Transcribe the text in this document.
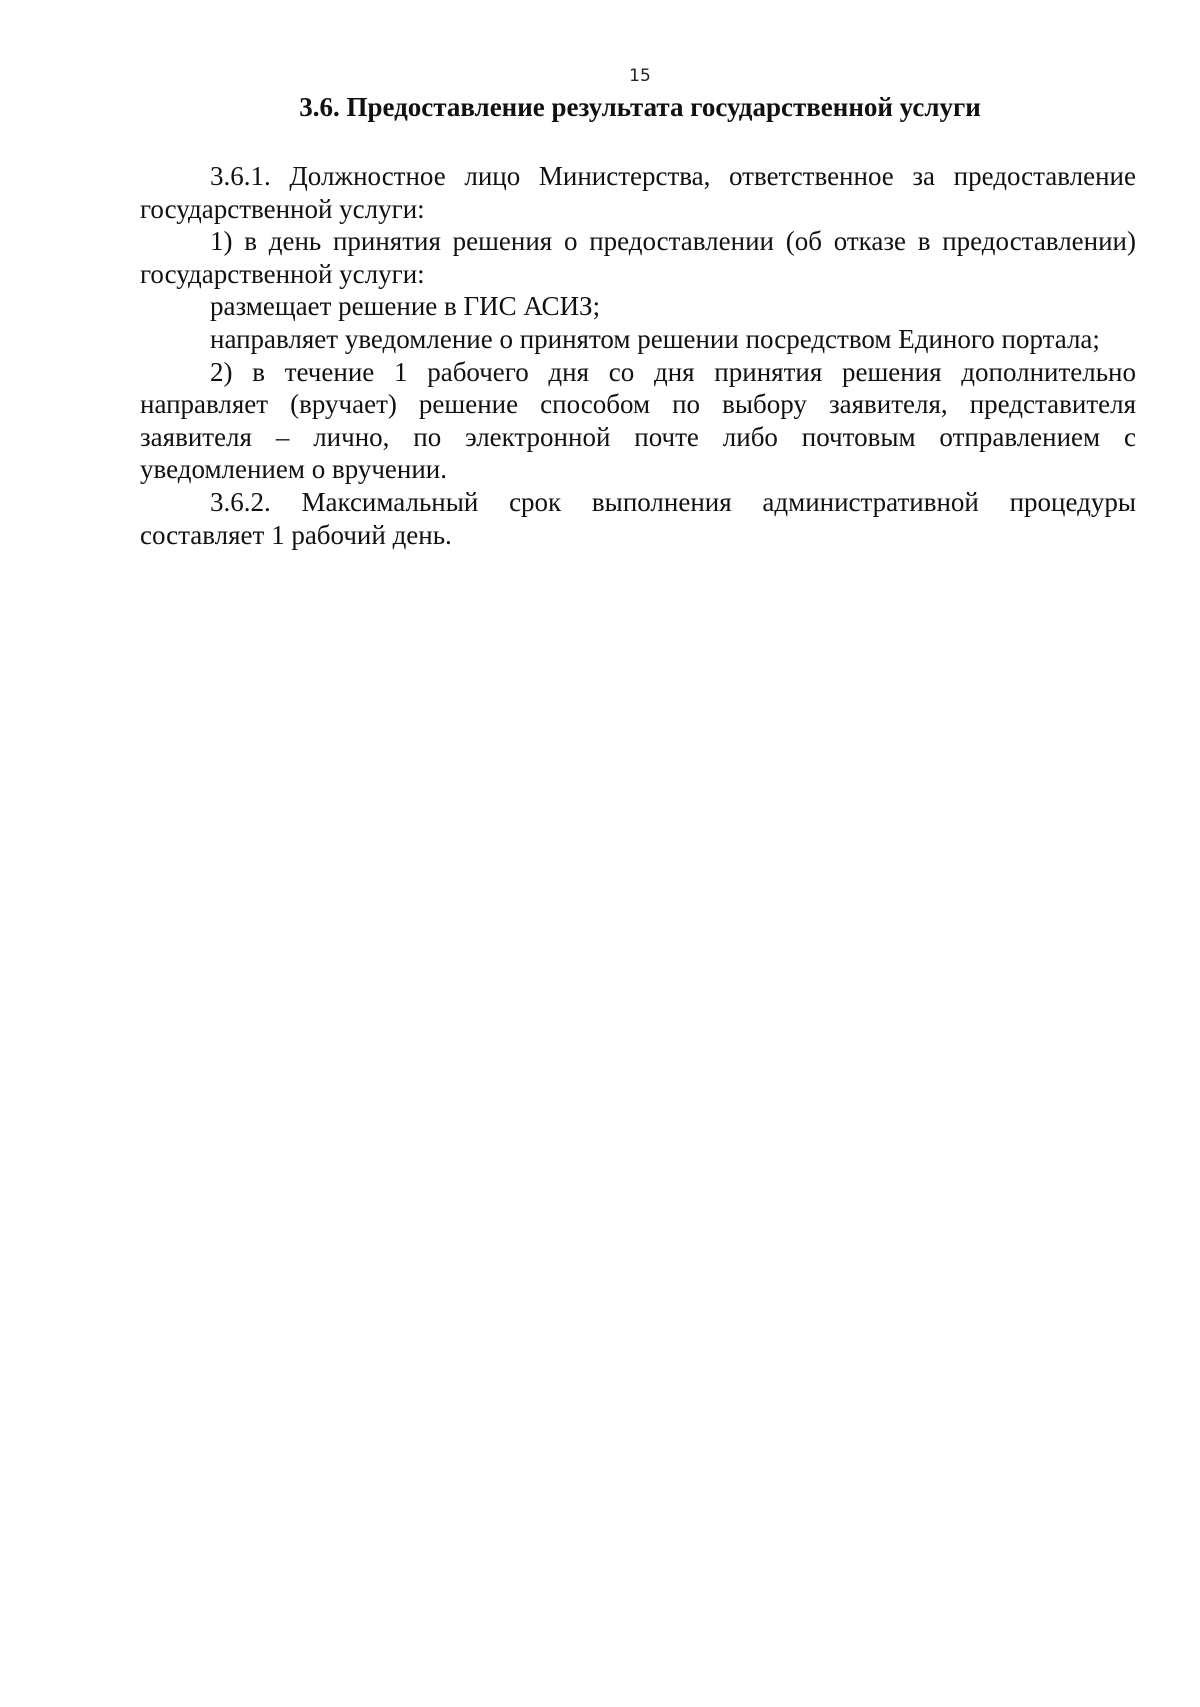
15
3.6. Предоставление результата государственной услуги

3.6.1. Должностное лицо Министерства, ответственное за предоставление государственной услуги:

1) в день принятия решения о предоставлении (об отказе в предоставлении) государственной услуги:

размещает решение в ГИС АСИЗ;

направляет уведомление о принятом решении посредством Единого портала;

2) в течение 1 рабочего дня со дня принятия решения дополнительно направляет (вручает) решение способом по выбору заявителя, представителя заявителя – лично, по электронной почте либо почтовым отправлением с уведомлением о вручении.

3.6.2. Максимальный срок выполнения административной процедуры составляет 1 рабочий день.
